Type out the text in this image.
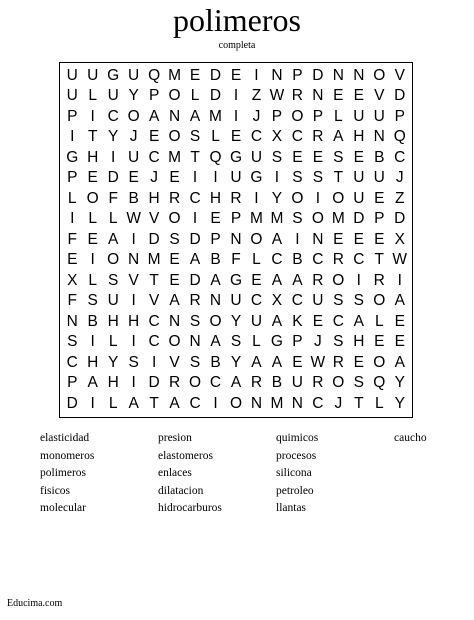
polimeros
completa
U U G U Q M E D E I N P D N N O V
U L U Y P O L D I Z W R N E E V D
P I C O A N A M I J P O P L U U P
I T Y J E O S L E C X C R A H N Q
G H I U C M T Q G U S E E S E B C
P E D E J E I	I U G I S S T U U J
L O F B H R C H R I Y O I O U E Z
I L L W V O I E P M M S O M D P D
F E A I D S D P N O A I N E E E X
E I O N M E A B F L C B C R C T W
X L S V T E D A G E A A R O I R I
F S U I V A R N U C X C U S S O A
N B H H C N S O Y U A K E C A L E
S I L I C O N A S L G P J S H E E
C H Y S I V S B Y A A E W R E O A
P A H I D R O C A R B U R O S Q Y
D I L A T A C I O N M N C J T L Y
elasticidad
monomeros
polimeros
fisicos
molecular
presion
elastomeros
enlaces
dilatacion
hidrocarburos
quimicos
procesos
silicona
petroleo
llantas
caucho
Educima.com
